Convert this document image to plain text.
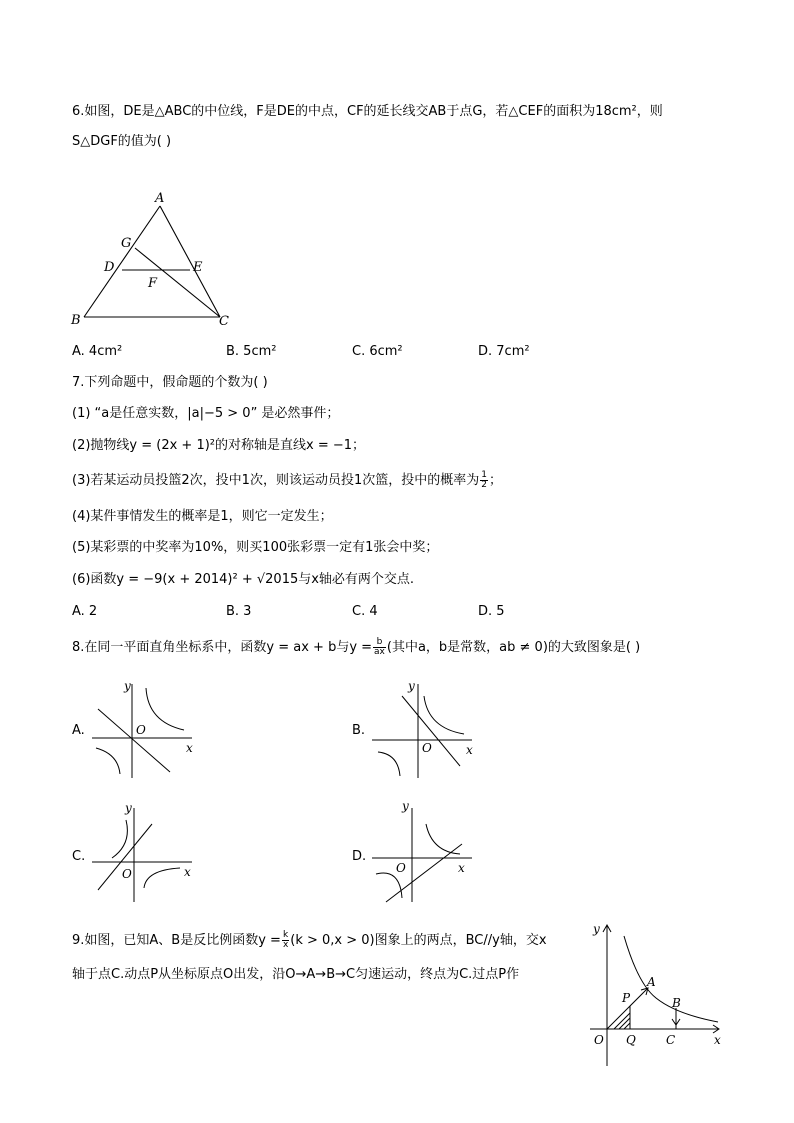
6.如图，DE是△ABC的中位线，F是DE的中点，CF的延长线交AB于点G，若△CEF的面积为18cm²，则
S△DGF的值为( )
A
G
D	E
F
B	C
A. 4cm²	B. 5cm²	C. 6cm²	D. 7cm²
7.下列命题中，假命题的个数为( )
(1) “a是任意实数，|a|−5 > 0” 是必然事件；
(2)抛物线y = (2x + 1)²的对称轴是直线x = −1；
(3)若某运动员投篮2次，投中1次，则该运动员投1次篮，投中的概率为 $\frac{1}{2}$ ；
(4)某件事情发生的概率是1，则它一定发生；
(5)某彩票的中奖率为10%，则买100张彩票一定有1张会中奖；
(6)函数y = −9(x + 2014)² + √2015与x轴必有两个交点.
A. 2	B. 3	C. 4	D. 5
8.在同一平面直角坐标系中，函数y = ax + b与$y = \frac{b}{ax}$ (其中a，b是常数，ab ≠ 0)的大致图象是( )
A.
x
y
O	B.
x
y
O
C.
x
y
O
D.
x
y
O
9.如图，已知A、B是反比例函数$y = \frac{k}{x} (k > 0,x > 0)$图象上的两点，BC//y轴，交x
轴于点C.动点P从坐标原点O出发，沿O→A→B→C匀速运动，终点为C.过点P作
y
x
O
P
A
B
Q	C
